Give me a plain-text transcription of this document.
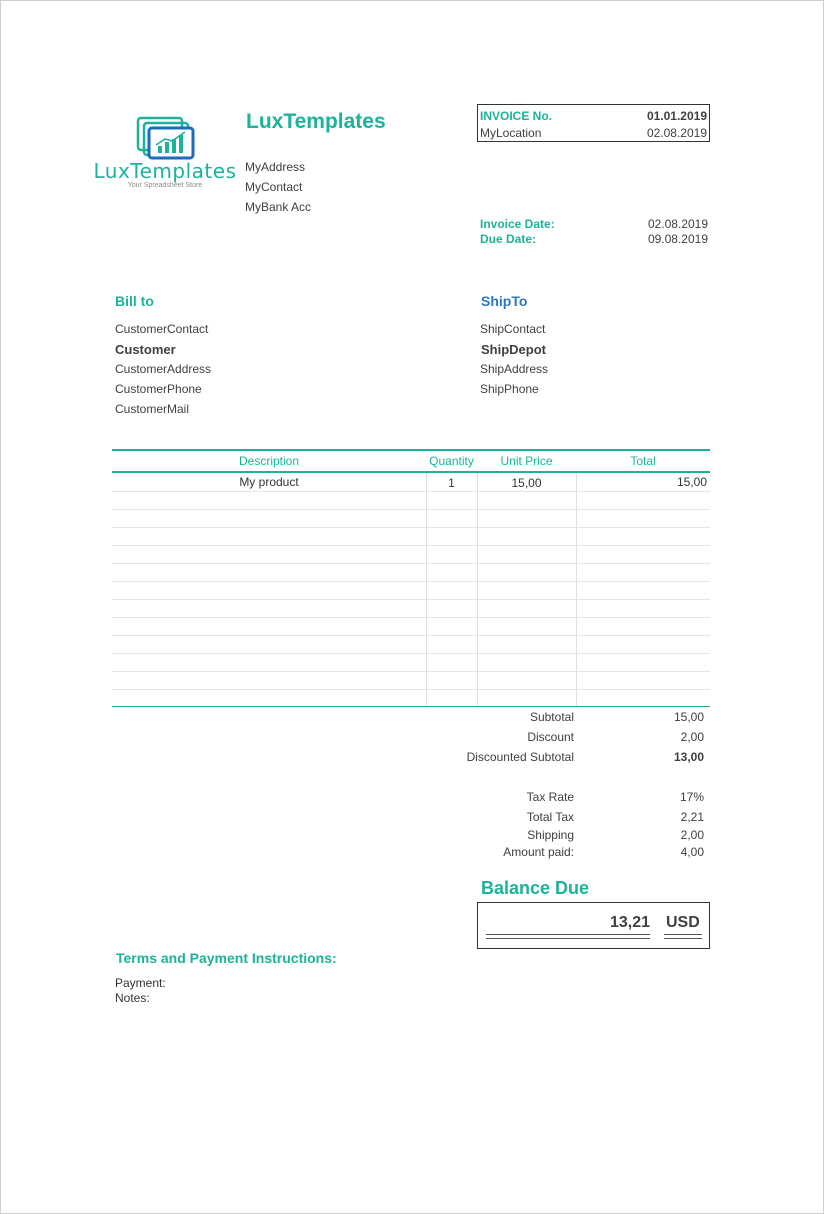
LuxTemplates
Your Spreadsheet Store
LuxTemplates
MyAddress
MyContact
MyBank Acc
INVOICE No.	01.01.2019
MyLocation	02.08.2019
Invoice Date:	02.08.2019
Due Date:	09.08.2019
Bill to
CustomerContact
Customer
CustomerAddress
CustomerPhone
CustomerMail
ShipTo
ShipContact
ShipDepot
ShipAddress
ShipPhone
Description	Quantity	Unit Price	Total
My product	1	15,00	15,00
Subtotal	15,00
Discount	2,00
Discounted Subtotal	13,00
Tax Rate	17%
Total Tax	2,21
Shipping	2,00
Amount paid:	4,00
Balance Due
13,21 USD
Terms and Payment Instructions:
Payment:
Notes:
